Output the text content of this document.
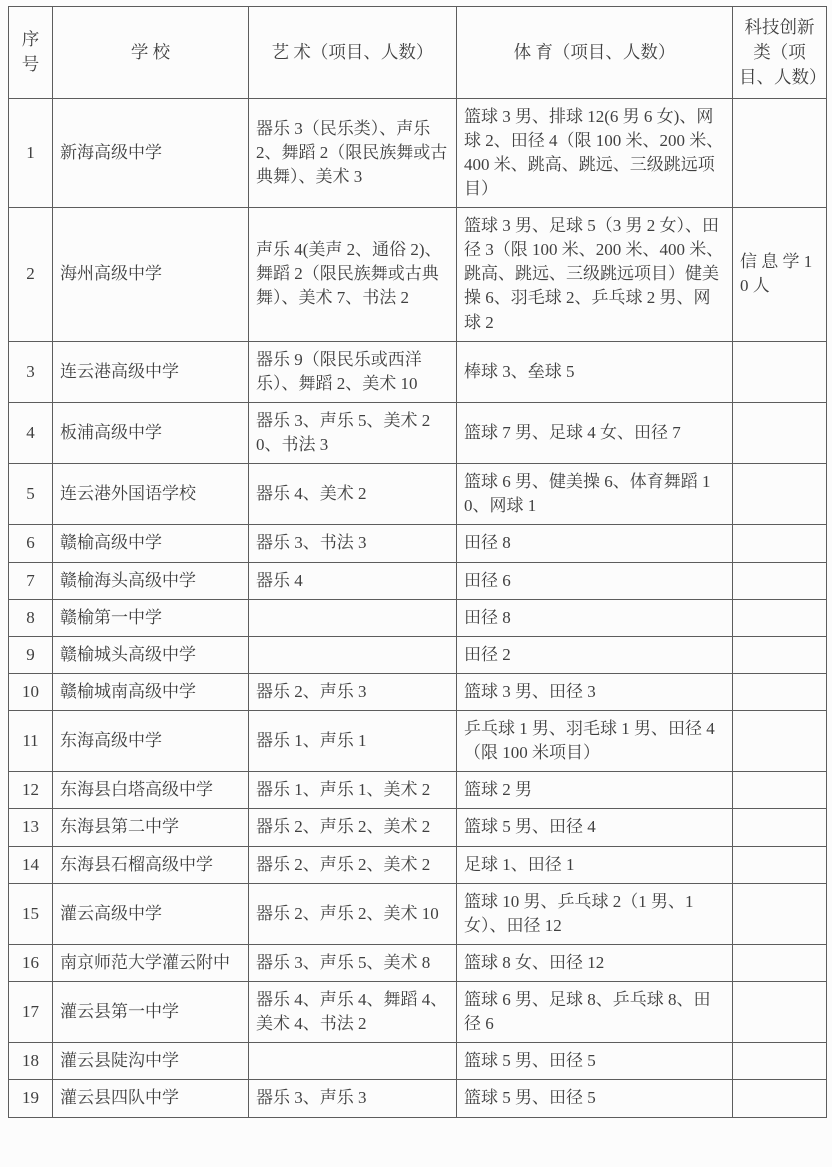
序号	学 校	艺 术（项目、人数）	体 育（项目、人数）	科技创新类（项目、人数）
1	新海高级中学	器乐 3（民乐类）、声乐 2、舞蹈 2（限民族舞或古典舞）、美术 3	篮球 3 男、排球 12(6 男 6 女)、网球 2、田径 4（限 100 米、200 米、400 米、跳高、跳远、三级跳远项目）	
2	海州高级中学	声乐 4(美声 2、通俗 2)、舞蹈 2（限民族舞或古典舞）、美术 7、书法 2	篮球 3 男、足球 5（3 男 2 女）、田径 3（限 100 米、200 米、400 米、跳高、跳远、三级跳远项目）健美操 6、羽毛球 2、乒乓球 2 男、网球 2	信 息 学 10 人
3	连云港高级中学	器乐 9（限民乐或西洋乐）、舞蹈 2、美术 10	棒球 3、垒球 5	
4	板浦高级中学	器乐 3、声乐 5、美术 20、书法 3	篮球 7 男、足球 4 女、田径 7	
5	连云港外国语学校	器乐 4、美术 2	篮球 6 男、健美操 6、体育舞蹈 10、网球 1	
6	赣榆高级中学	器乐 3、书法 3	田径 8	
7	赣榆海头高级中学	器乐 4	田径 6	
8	赣榆第一中学		田径 8	
9	赣榆城头高级中学		田径 2	
10	赣榆城南高级中学	器乐 2、声乐 3	篮球 3 男、田径 3	
11	东海高级中学	器乐 1、声乐 1	乒乓球 1 男、羽毛球 1 男、田径 4（限 100 米项目）	
12	东海县白塔高级中学	器乐 1、声乐 1、美术 2	篮球 2 男	
13	东海县第二中学	器乐 2、声乐 2、美术 2	篮球 5 男、田径 4	
14	东海县石榴高级中学	器乐 2、声乐 2、美术 2	足球 1、田径 1	
15	灌云高级中学	器乐 2、声乐 2、美术 10	篮球 10 男、乒乓球 2（1 男、1 女）、田径 12	
16	南京师范大学灌云附中	器乐 3、声乐 5、美术 8	篮球 8 女、田径 12	
17	灌云县第一中学	器乐 4、声乐 4、舞蹈 4、美术 4、书法 2	篮球 6 男、足球 8、乒乓球 8、田径 6	
18	灌云县陡沟中学		篮球 5 男、田径 5	
19	灌云县四队中学	器乐 3、声乐 3	篮球 5 男、田径 5	
